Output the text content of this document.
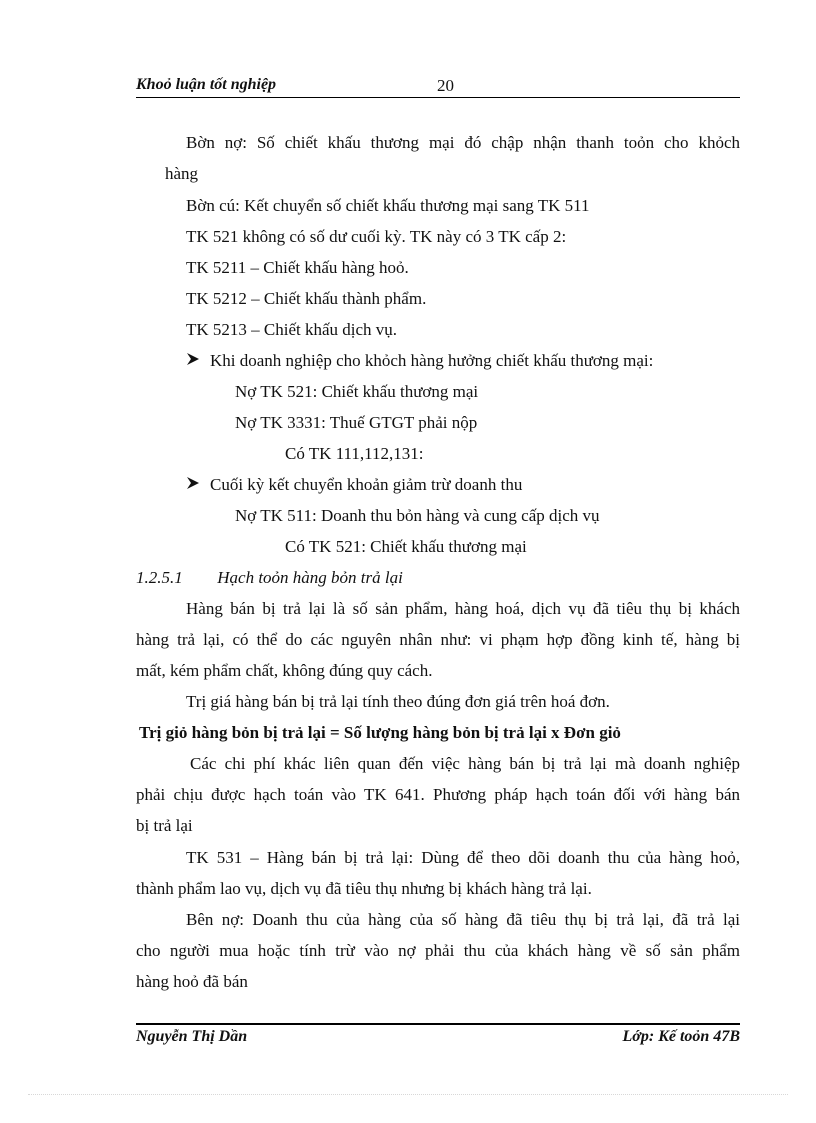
Khoỏ luận tốt nghiệp	20
Bờn nợ: Số chiết khấu thương mại đó chập nhận thanh toỏn cho khỏch
hàng
Bờn cú: Kết chuyển số chiết khấu thương mại sang TK 511
TK 521 không có số dư cuối kỳ. TK này có 3 TK cấp 2:
TK 5211 – Chiết khấu hàng hoỏ.
TK 5212 – Chiết khấu thành phẩm.
TK 5213 – Chiết khấu dịch vụ.
Khi doanh nghiệp cho khỏch hàng hưởng chiết khấu thương mại:
Nợ TK 521: Chiết khấu thương mại
Nợ TK 3331: Thuế GTGT phải nộp
Có TK 111,112,131:
Cuối kỳ kết chuyển khoản giảm trừ doanh thu
Nợ TK 511: Doanh thu bỏn hàng và cung cấp dịch vụ
Có TK 521: Chiết khấu thương mại
1.2.5.1 Hạch toỏn hàng bỏn trả lại
Hàng bán bị trả lại là số sản phẩm, hàng hoá, dịch vụ đã tiêu thụ bị khách
hàng trả lại, có thể do các nguyên nhân như: vi phạm hợp đồng kinh tế, hàng bị
mất, kém phẩm chất, không đúng quy cách.
Trị giá hàng bán bị trả lại tính theo đúng đơn giá trên hoá đơn.
Trị giỏ hàng bỏn bị trả lại = Số lượng hàng bỏn bị trả lại x Đơn giỏ
Các chi phí khác liên quan đến việc hàng bán bị trả lại mà doanh nghiệp
phải chịu được hạch toán vào TK 641. Phương pháp hạch toán đối với hàng bán
bị trả lại
TK 531 – Hàng bán bị trả lại: Dùng để theo dõi doanh thu của hàng hoỏ,
thành phẩm lao vụ, dịch vụ đã tiêu thụ nhưng bị khách hàng trả lại.
Bên nợ: Doanh thu của hàng của số hàng đã tiêu thụ bị trả lại, đã trả lại
cho người mua hoặc tính trừ vào nợ phải thu của khách hàng về số sản phẩm
hàng hoỏ đã bán
Nguyễn Thị Dần	Lớp: Kế toỏn 47B
